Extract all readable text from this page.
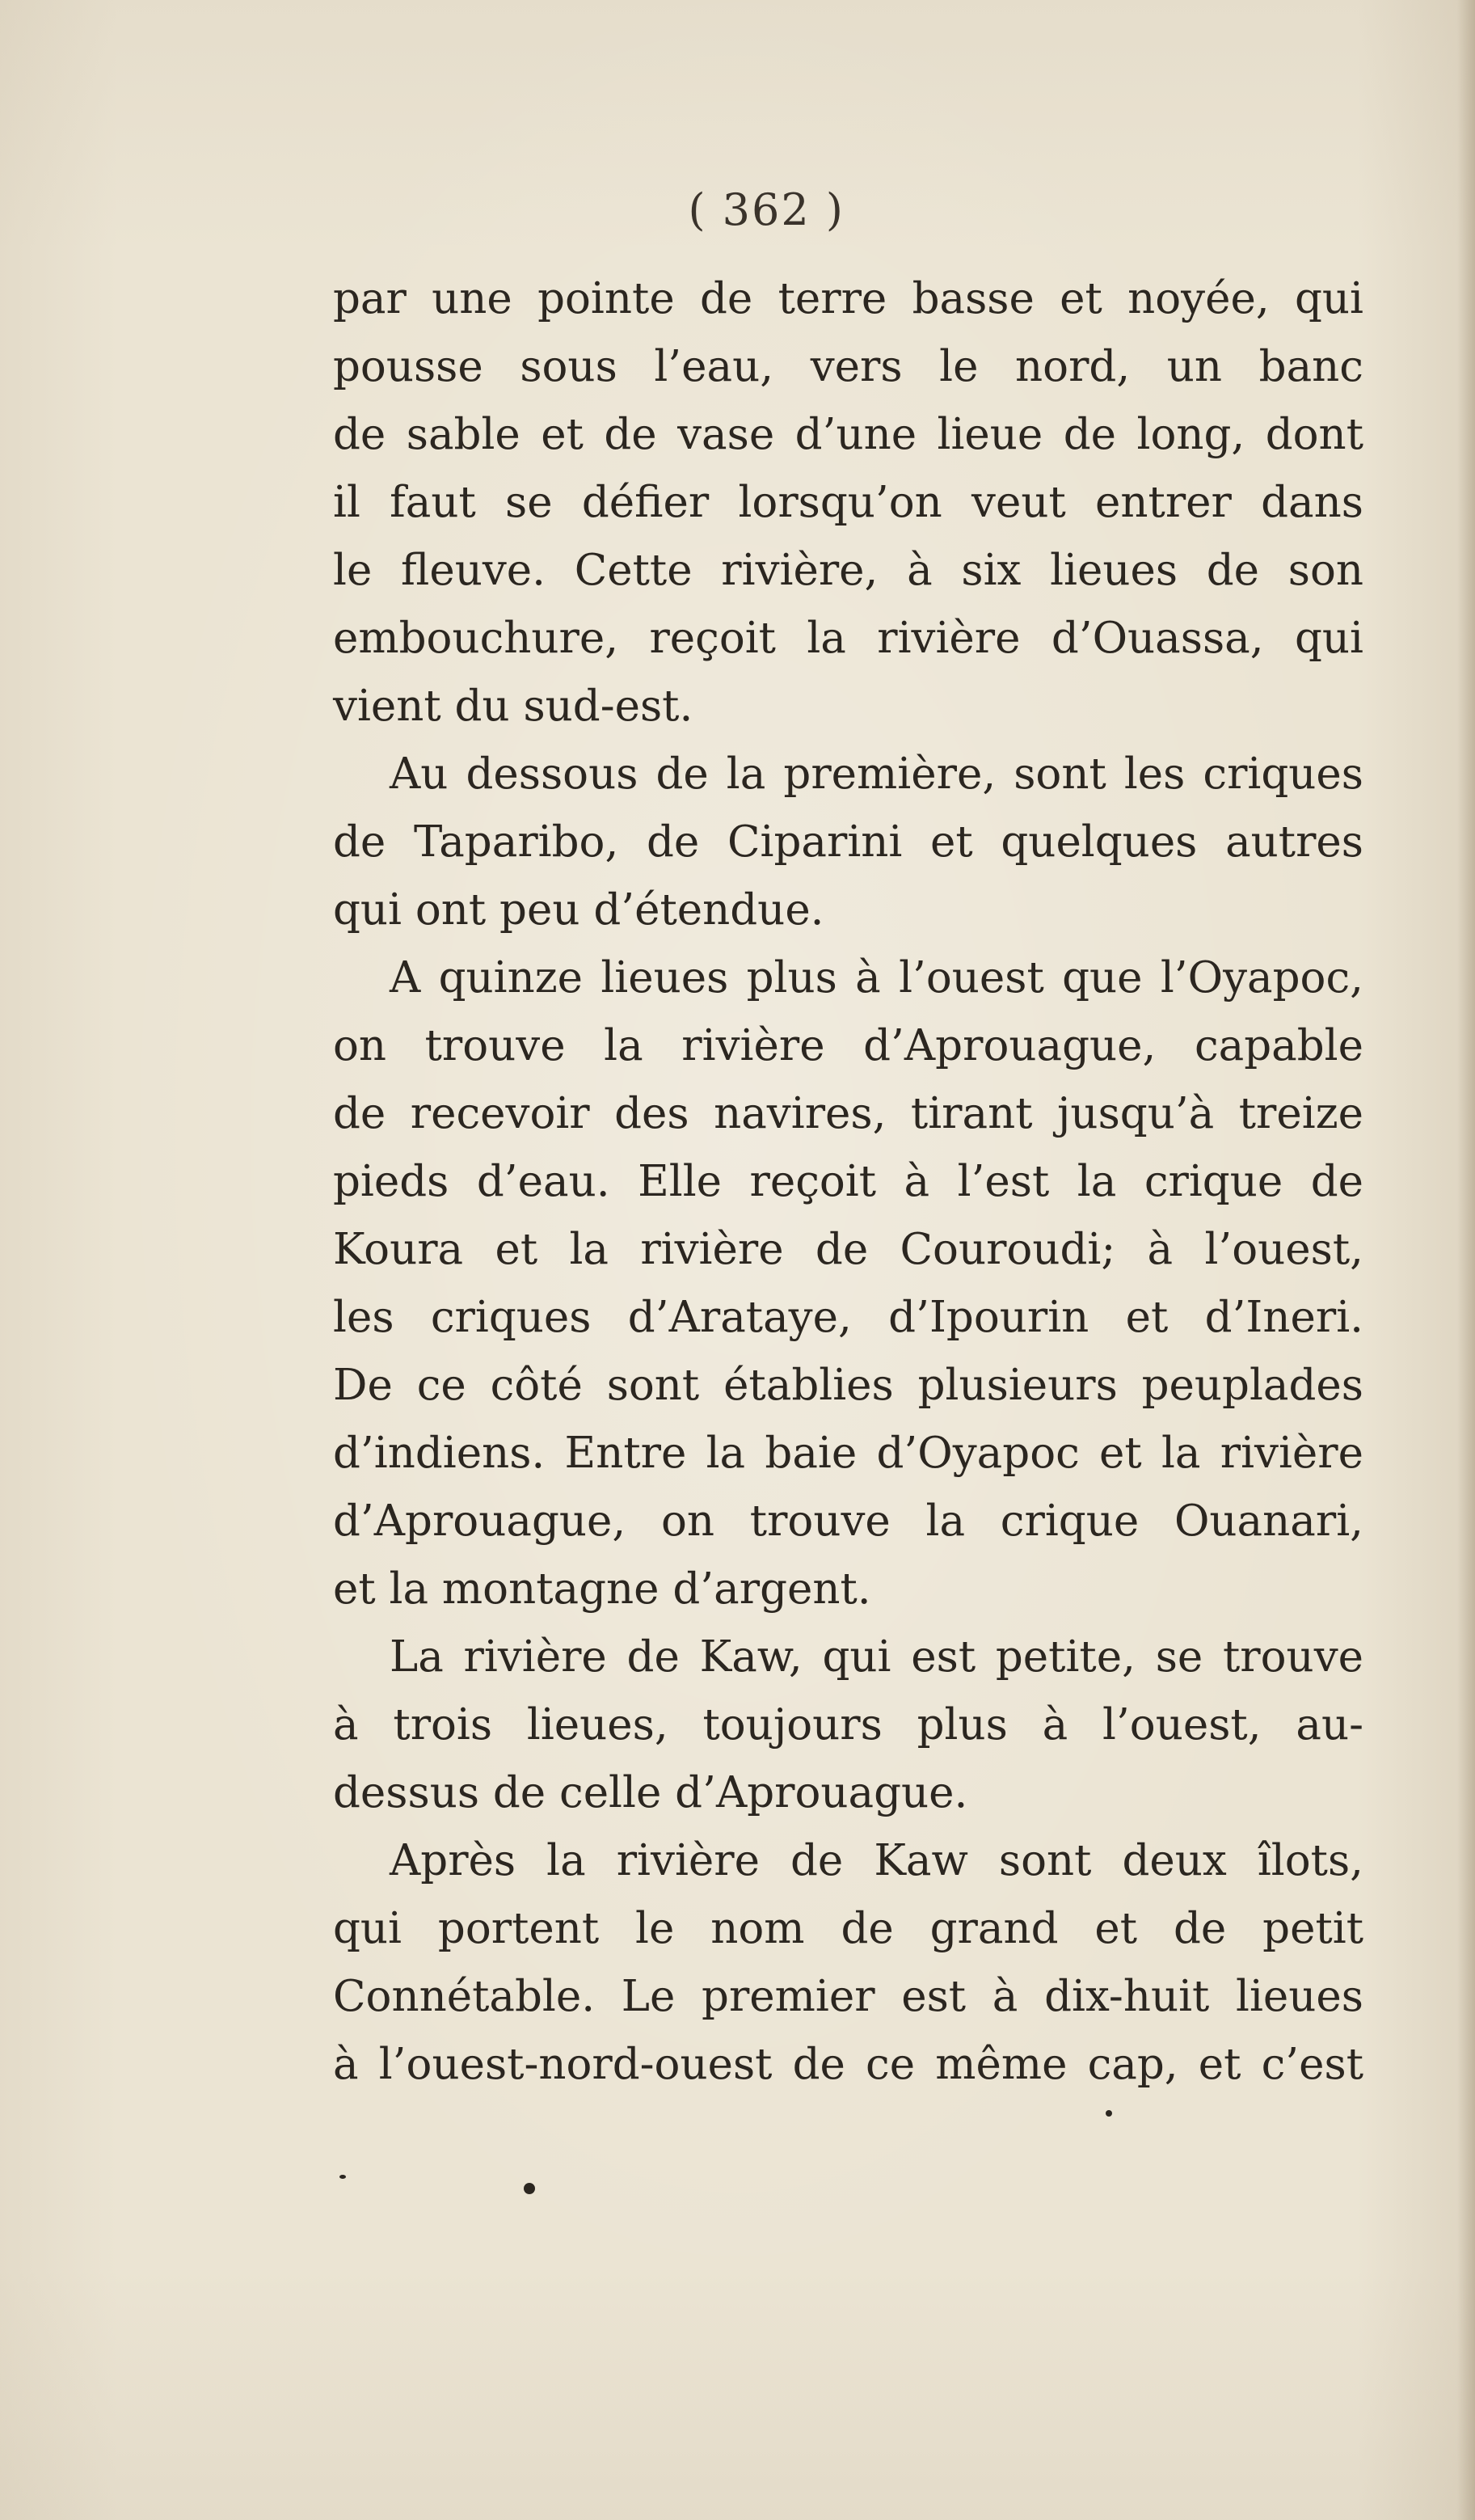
( 362 )
par une pointe de terre basse et noyée, qui
pousse sous l’eau, vers le nord, un banc
de sable et de vase d’une lieue de long, dont
il faut se défier lorsqu’on veut entrer dans
le fleuve. Cette rivière, à six lieues de son
embouchure, reçoit la rivière d’Ouassa, qui
vient du sud-est.
Au dessous de la première, sont les criques
de Taparibo, de Ciparini et quelques autres
qui ont peu d’étendue.
A quinze lieues plus à l’ouest que l’Oyapoc,
on trouve la rivière d’Aprouague, capable
de recevoir des navires, tirant jusqu’à treize
pieds d’eau. Elle reçoit à l’est la crique de
Koura et la rivière de Couroudi; à l’ouest,
les criques d’Arataye, d’Ipourin et d’Ineri.
De ce côté sont établies plusieurs peuplades
d’indiens. Entre la baie d’Oyapoc et la rivière
d’Aprouague, on trouve la crique Ouanari,
et la montagne d’argent.
La rivière de Kaw, qui est petite, se trouve
à trois lieues, toujours plus à l’ouest, au-
dessus de celle d’Aprouague.
Après la rivière de Kaw sont deux îlots,
qui portent le nom de grand et de petit
Connétable. Le premier est à dix-huit lieues
à l’ouest-nord-ouest de ce même cap, et c’est
